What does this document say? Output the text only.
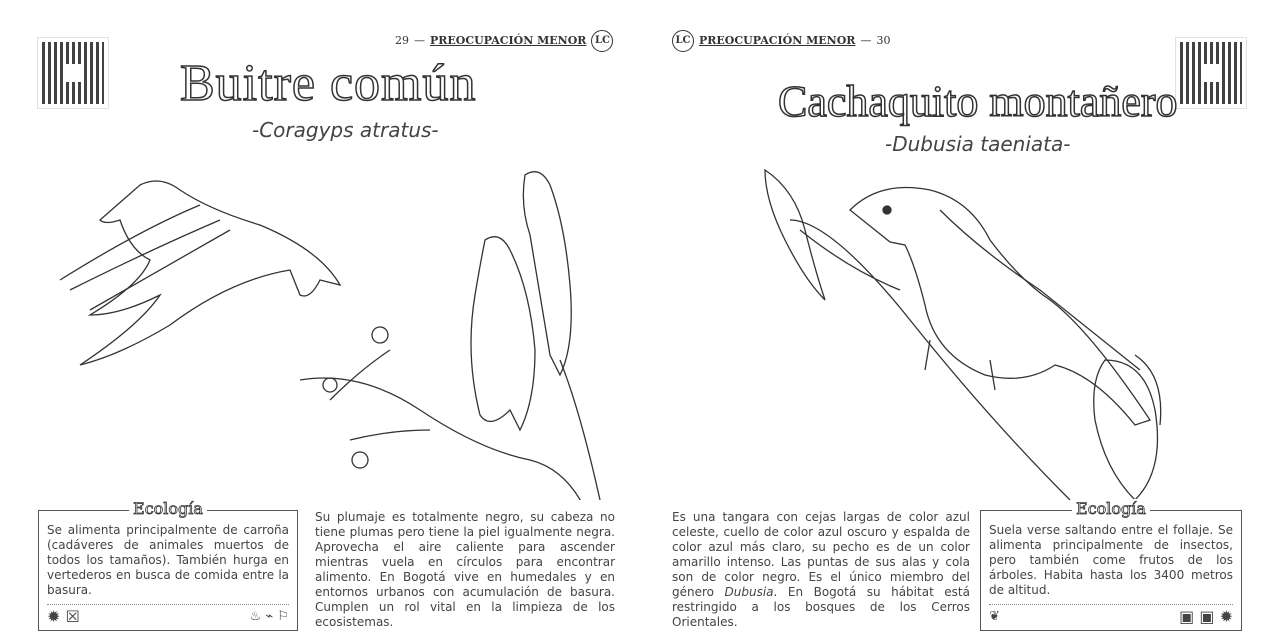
29 — PREOCUPACIÓN MENOR LC
Buitre común
-Coragyps atratus-
Ecología
Se alimenta principalmente de carroña (cadáveres de animales muertos de todos los tamaños). También hurga en vertederos en busca de comida entre la basura.
✹ ☒	♨ ⌁ ⚐
Su plumaje es totalmente negro, su cabeza no tiene plumas pero tiene la piel igualmente negra. Aprovecha el aire caliente para ascender mientras vuela en círculos para encontrar alimento. En Bogotá vive en humedales y en entornos urbanos con acumulación de basura. Cumplen un rol vital en la limpieza de los ecosistemas.
LC PREOCUPACIÓN MENOR — 30
Cachaquito montañero
-Dubusia taeniata-
Es una tangara con cejas largas de color azul celeste, cuello de color azul oscuro y espalda de color azul más claro, su pecho es de un color amarillo intenso. Las puntas de sus alas y cola son de color negro. Es el único miembro del género Dubusia. En Bogotá su hábitat está restringido a los bosques de los Cerros Orientales.
Ecología
Suela verse saltando entre el follaje. Se alimenta principalmente de insectos, pero también come frutos de los árboles. Habita hasta los 3400 metros de altitud.
❦	▣ ▣ ✹
